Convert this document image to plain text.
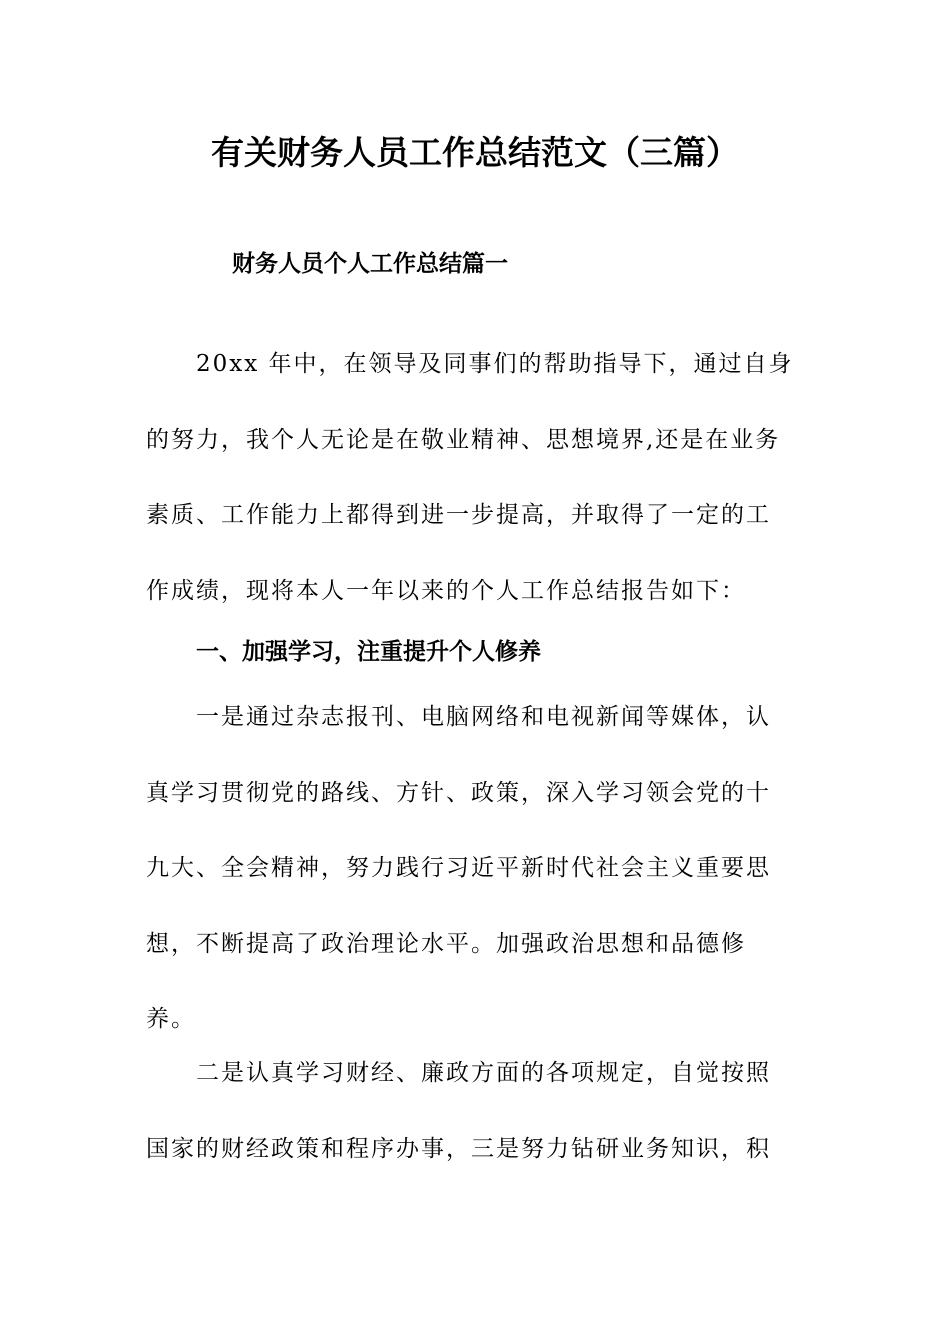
有关财务人员工作总结范文（三篇）
财务人员个人工作总结篇一
20xx 年中，在领导及同事们的帮助指导下，通过自身
的努力，我个人无论是在敬业精神、思想境界,还是在业务
素质、工作能力上都得到进一步提高，并取得了一定的工
作成绩，现将本人一年以来的个人工作总结报告如下：
一、加强学习，注重提升个人修养
一是通过杂志报刊、电脑网络和电视新闻等媒体，认
真学习贯彻党的路线、方针、政策，深入学习领会党的十
九大、全会精神，努力践行习近平新时代社会主义重要思
想，不断提高了政治理论水平。加强政治思想和品德修
养。
二是认真学习财经、廉政方面的各项规定，自觉按照
国家的财经政策和程序办事，三是努力钻研业务知识，积
